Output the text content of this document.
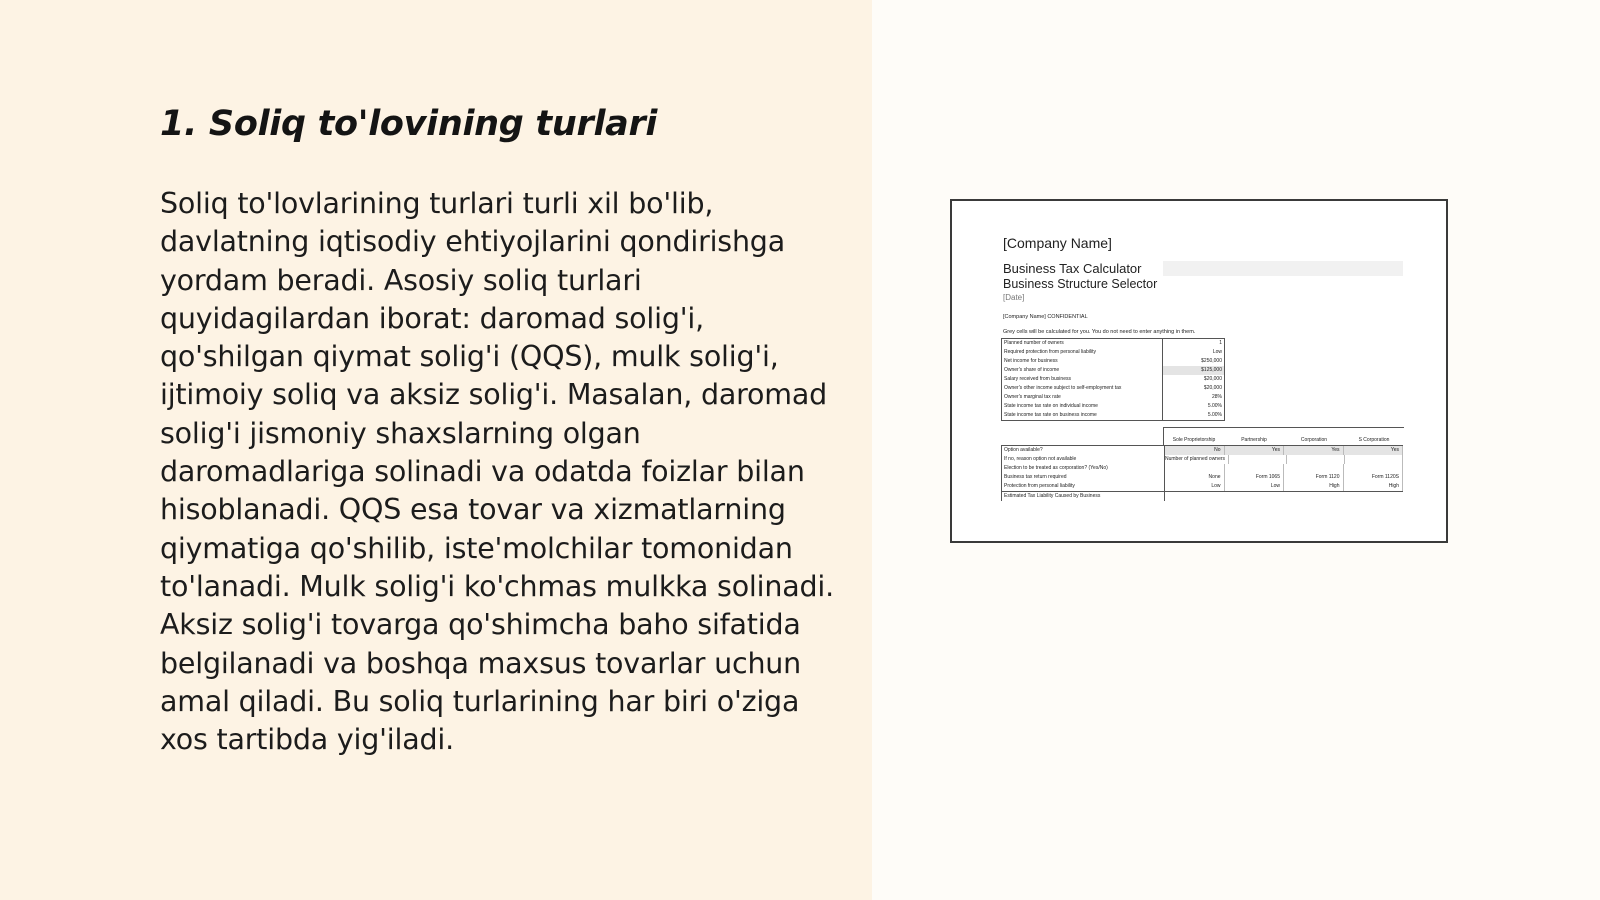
1. Soliq to'lovining turlari

Soliq to'lovlarining turlari turli xil bo'lib, davlatning iqtisodiy ehtiyojlarini qondirishga yordam beradi. Asosiy soliq turlari quyidagilardan iborat: daromad solig'i, qo'shilgan qiymat solig'i (QQS), mulk solig'i, ijtimoiy soliq va aksiz solig'i. Masalan, daromad solig'i jismoniy shaxslarning olgan daromadlariga solinadi va odatda foizlar bilan hisoblanadi. QQS esa tovar va xizmatlarning qiymatiga qo'shilib, iste'molchilar tomonidan to'lanadi. Mulk solig'i ko'chmas mulkka solinadi. Aksiz solig'i tovarga qo'shimcha baho sifatida belgilanadi va boshqa maxsus tovarlar uchun amal qiladi. Bu soliq turlarining har biri o'ziga xos tartibda yig'iladi.

[Company Name]
Business Tax Calculator
Business Structure Selector
[Date]
[Company Name] CONFIDENTIAL
Grey cells will be calculated for you. You do not need to enter anything in them.
Planned number of owners	1
Required protection from personal liability	Low
Net income for business	$250,000
Owner's share of income	$125,000
Salary received from business	$20,000
Owner's other income subject to self-employment tax	$20,000
Owner's marginal tax rate	28%
State income tax rate on individual income	5.00%
State income tax rate on business income	5.00%
Sole Proprietorship	Partnership	Corporation	S Corporation
Option available?	No	Yes	Yes	Yes
If no, reason option not available	Number of planned owners
Election to be treated as corporation? (Yes/No)
Business tax return required	None	Form 1065	Form 1120	Form 1120S
Protection from personal liability	Low	Low	High	High
Estimated Tax Liability Caused by Business
